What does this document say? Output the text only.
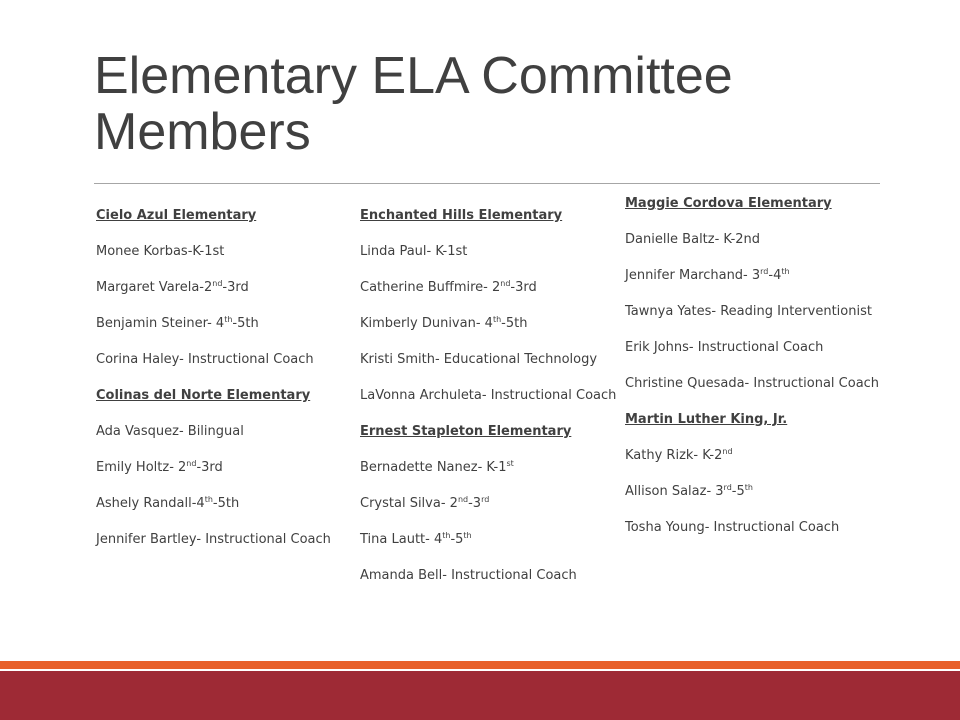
Elementary ELA Committee Members
Cielo Azul Elementary
Monee Korbas-K-1st
Margaret Varela-2nd-3rd
Benjamin Steiner- 4th-5th
Corina Haley- Instructional Coach
Colinas del Norte Elementary
Ada Vasquez- Bilingual
Emily Holtz- 2nd-3rd
Ashely Randall-4th-5th
Jennifer Bartley- Instructional Coach
Enchanted Hills Elementary
Linda Paul- K-1st
Catherine Buffmire- 2nd-3rd
Kimberly Dunivan- 4th-5th
Kristi Smith- Educational Technology
LaVonna Archuleta- Instructional Coach
Ernest Stapleton Elementary
Bernadette Nanez- K-1st
Crystal Silva- 2nd-3rd
Tina Lautt- 4th-5th
Amanda Bell- Instructional Coach
Maggie Cordova Elementary
Danielle Baltz- K-2nd
Jennifer Marchand- 3rd-4th
Tawnya Yates- Reading Interventionist
Erik Johns- Instructional Coach
Christine Quesada- Instructional Coach
Martin Luther King, Jr.
Kathy Rizk- K-2nd
Allison Salaz- 3rd-5th
Tosha Young- Instructional Coach
